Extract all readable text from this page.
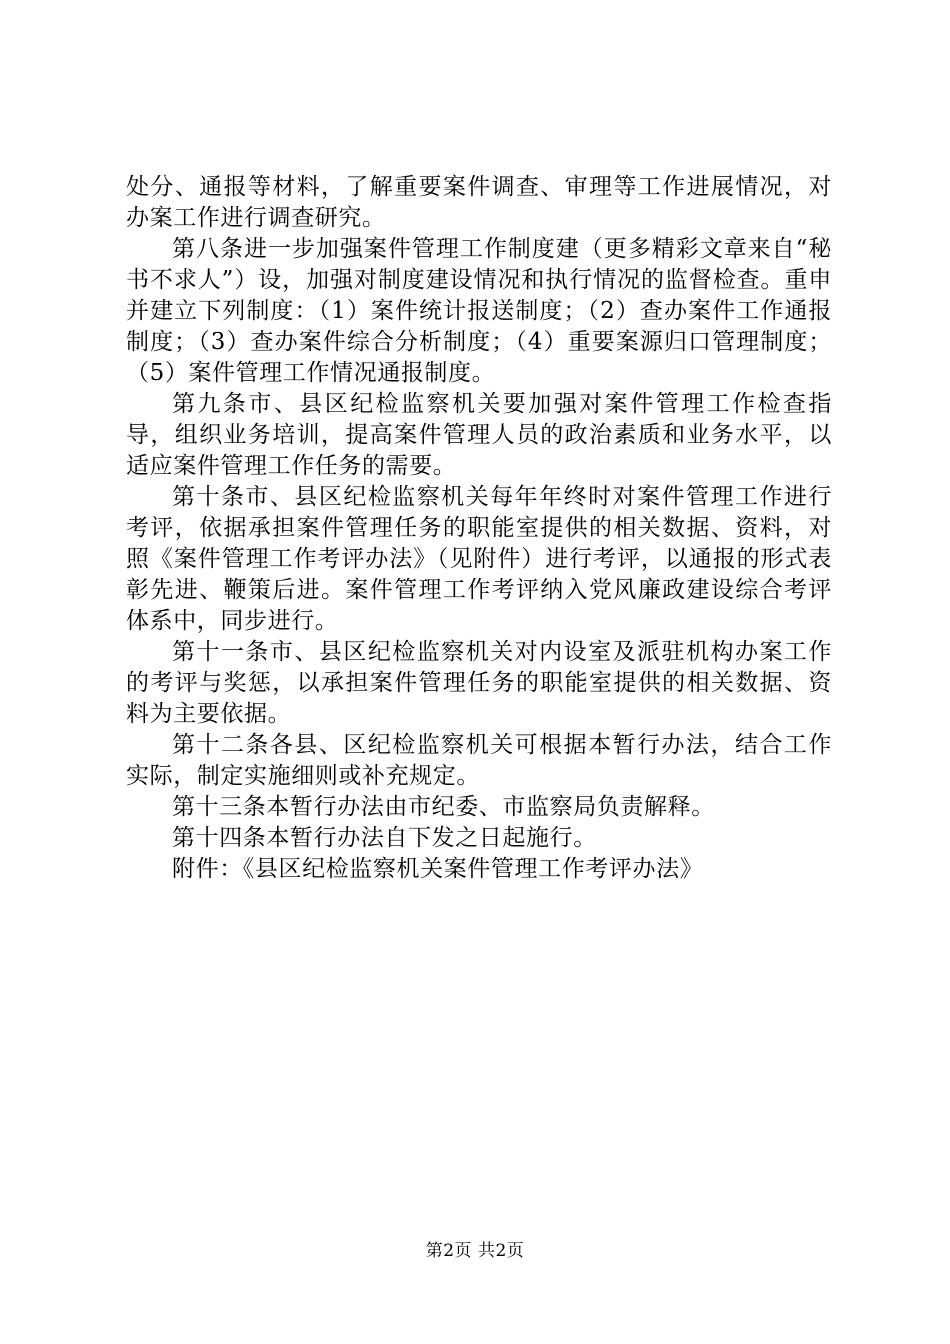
处分、通报等材料，了解重要案件调查、审理等工作进展情况，对办案工作进行调查研究。

第八条进一步加强案件管理工作制度建（更多精彩文章来自“秘书不求人”）设，加强对制度建设情况和执行情况的监督检查。重申并建立下列制度：（1）案件统计报送制度；（2）查办案件工作通报制度；（3）查办案件综合分析制度；（4）重要案源归口管理制度；（5）案件管理工作情况通报制度。

第九条市、县区纪检监察机关要加强对案件管理工作检查指导，组织业务培训，提高案件管理人员的政治素质和业务水平，以适应案件管理工作任务的需要。

第十条市、县区纪检监察机关每年年终时对案件管理工作进行考评，依据承担案件管理任务的职能室提供的相关数据、资料，对照《案件管理工作考评办法》（见附件）进行考评，以通报的形式表彰先进、鞭策后进。案件管理工作考评纳入党风廉政建设综合考评体系中，同步进行。

第十一条市、县区纪检监察机关对内设室及派驻机构办案工作的考评与奖惩，以承担案件管理任务的职能室提供的相关数据、资料为主要依据。

第十二条各县、区纪检监察机关可根据本暂行办法，结合工作实际，制定实施细则或补充规定。

第十三条本暂行办法由市纪委、市监察局负责解释。

第十四条本暂行办法自下发之日起施行。

附件：《县区纪检监察机关案件管理工作考评办法》

第2页 共2页
